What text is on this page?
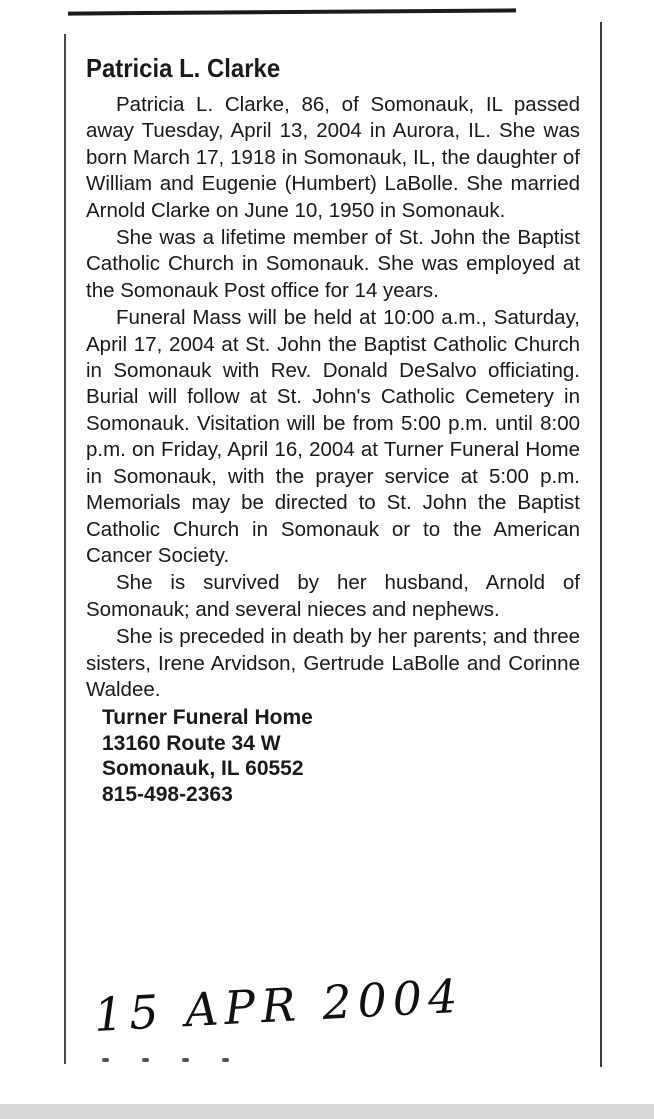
Patricia L. Clarke

Patricia L. Clarke, 86, of Somonauk, IL passed away Tuesday, April 13, 2004 in Aurora, IL. She was born March 17, 1918 in Somonauk, IL, the daughter of William and Eugenie (Humbert) LaBolle. She married Arnold Clarke on June 10, 1950 in Somonauk.

She was a lifetime member of St. John the Baptist Catholic Church in Somonauk. She was employed at the Somonauk Post office for 14 years.

Funeral Mass will be held at 10:00 a.m., Saturday, April 17, 2004 at St. John the Baptist Catholic Church in Somonauk with Rev. Donald DeSalvo officiating. Burial will follow at St. John's Catholic Cemetery in Somonauk. Visitation will be from 5:00 p.m. until 8:00 p.m. on Friday, April 16, 2004 at Turner Funeral Home in Somonauk, with the prayer service at 5:00 p.m. Memorials may be directed to St. John the Baptist Catholic Church in Somonauk or to the American Cancer Society.

She is survived by her husband, Arnold of Somonauk; and several nieces and nephews.

She is preceded in death by her parents; and three sisters, Irene Arvidson, Gertrude LaBolle and Corinne Waldee.

Turner Funeral Home
13160 Route 34 W
Somonauk, IL 60552
815-498-2363
15 APR 2004
